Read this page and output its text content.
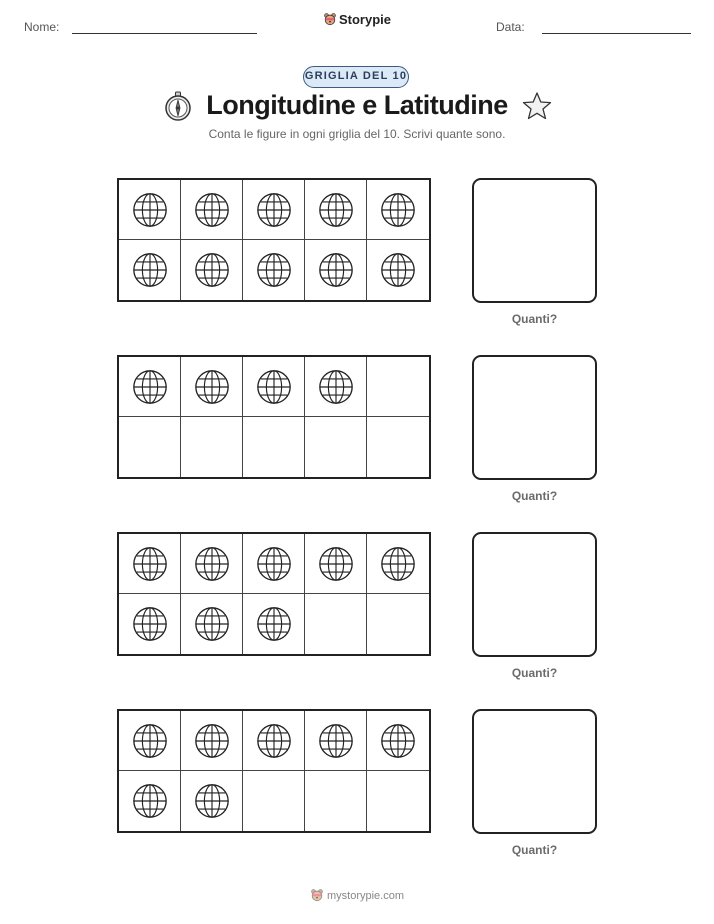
Nome:	Storypie	Data:
GRIGLIA DEL 10
Longitudine e Latitudine
Conta le figure in ogni griglia del 10. Scrivi quante sono.
Quanti?
Quanti?
Quanti?
Quanti?
mystorypie.com
